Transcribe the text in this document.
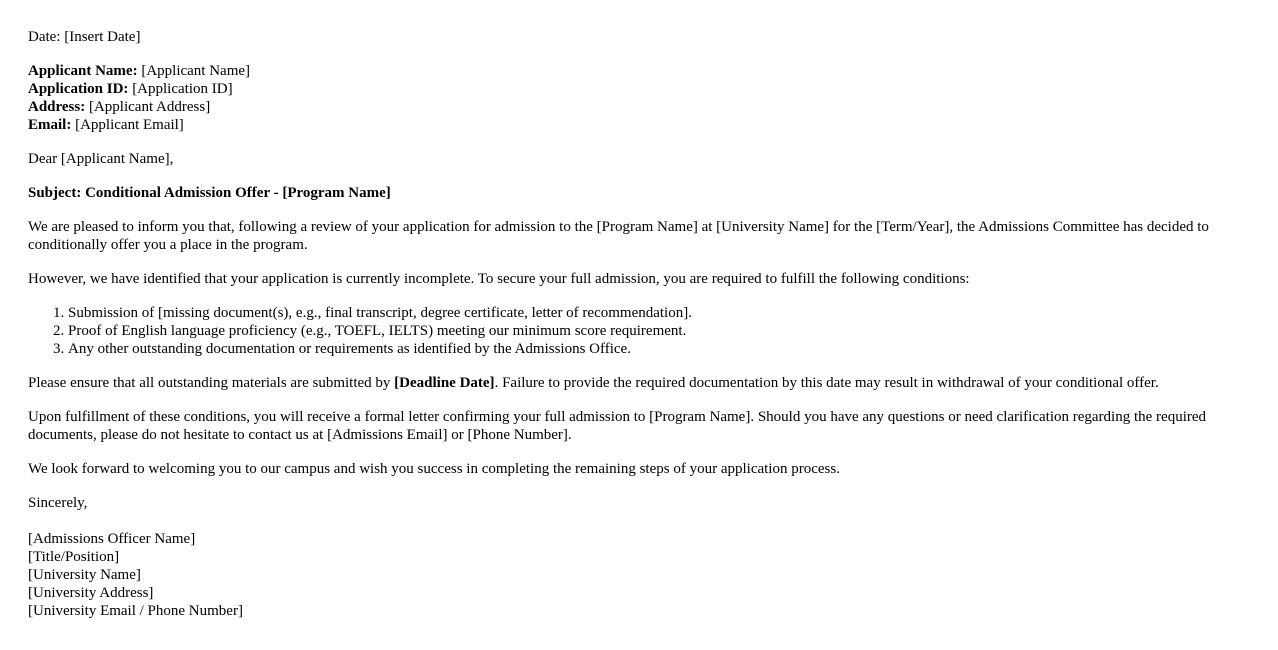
Date: [Insert Date]

Applicant Name: [Applicant Name]
Application ID: [Application ID]
Address: [Applicant Address]
Email: [Applicant Email]

Dear [Applicant Name],

Subject: Conditional Admission Offer - [Program Name]

We are pleased to inform you that, following a review of your application for admission to the [Program Name] at [University Name] for the [Term/Year], the Admissions Committee has decided to conditionally offer you a place in the program.

However, we have identified that your application is currently incomplete. To secure your full admission, you are required to fulfill the following conditions:

1. Submission of [missing document(s), e.g., final transcript, degree certificate, letter of recommendation].
2. Proof of English language proficiency (e.g., TOEFL, IELTS) meeting our minimum score requirement.
3. Any other outstanding documentation or requirements as identified by the Admissions Office.

Please ensure that all outstanding materials are submitted by [Deadline Date]. Failure to provide the required documentation by this date may result in withdrawal of your conditional offer.

Upon fulfillment of these conditions, you will receive a formal letter confirming your full admission to [Program Name]. Should you have any questions or need clarification regarding the required documents, please do not hesitate to contact us at [Admissions Email] or [Phone Number].

We look forward to welcoming you to our campus and wish you success in completing the remaining steps of your application process.

Sincerely,

[Admissions Officer Name]
[Title/Position]
[University Name]
[University Address]
[University Email / Phone Number]
